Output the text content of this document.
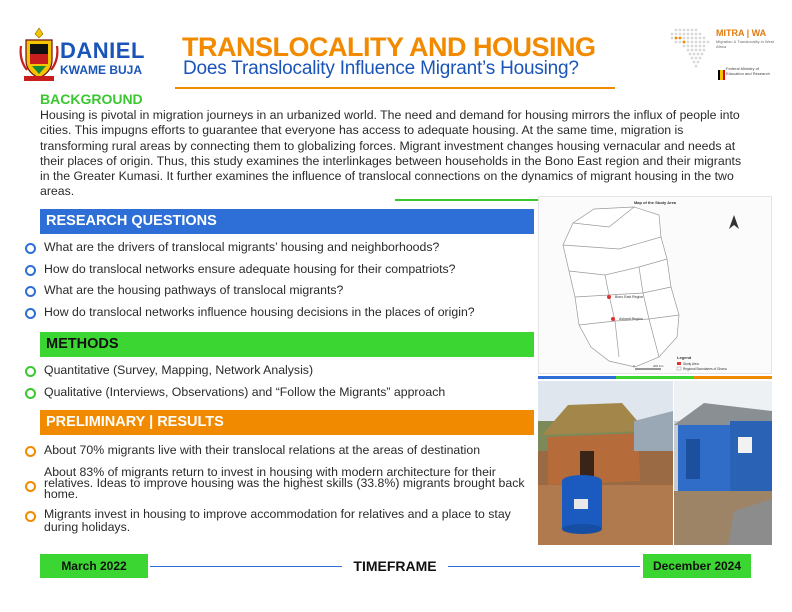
DANIEL
KWAME BUJA
TRANSLOCALITY AND HOUSING
Does Translocality Influence Migrant’s Housing?
MITRA | WA
Migration & Translocality in West Africa
Federal Ministry of Education and Research
BACKGROUND
Housing is pivotal in migration journeys in an urbanized world. The need and demand for housing mirrors the influx of people into cities. This impugns efforts to guarantee that everyone has access to adequate housing. At the same time, migration is transforming rural areas by connecting them to globalizing forces. Migrant investment changes housing vernacular and needs at their places of origin. Thus, this study examines the interlinkages between households in the Bono East region and their migrants in the Greater Kumasi. It further examines the influence of translocal connections on the dynamics of migrant housing in the two areas.
RESEARCH QUESTIONS
What are the drivers of translocal migrants’ housing and neighborhoods?
How do translocal networks ensure adequate housing for their compatriots?
What are the housing pathways of translocal migrants?
How do translocal networks influence housing decisions in the places of origin?
METHODS
Quantitative (Survey, Mapping, Network Analysis)
Qualitative (Interviews, Observations) and “Follow the Migrants” approach
PRELIMINARY | RESULTS
About 70% migrants live with their translocal relations at the areas of destination
About 83% of migrants return to invest in housing with modern architecture for their relatives. Ideas to improve housing was the highest skills (33.8%) migrants brought back home.
Migrants invest in housing to improve accommodation for relatives and a place to stay during holidays.
Map of the Study Area
Bono East Region
Ashanti Region
Legend
Study Area
Regional Boundaries of Ghana
0	200 Km
March 2022	TIMEFRAME	December 2024
